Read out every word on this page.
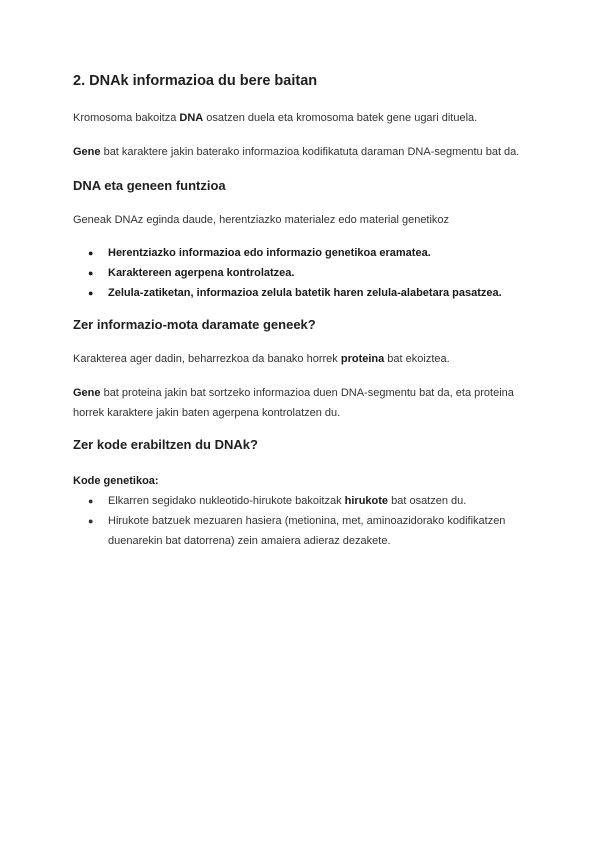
2. DNAk informazioa du bere baitan

Kromosoma bakoitza DNA osatzen duela eta kromosoma batek gene ugari dituela.

Gene bat karaktere jakin baterako informazioa kodifikatuta daraman DNA-segmentu bat da.

DNA eta geneen funtzioa

Geneak DNAz eginda daude, herentziazko materialez edo material genetikoz

● Herentziazko informazioa edo informazio genetikoa eramatea.
● Karaktereen agerpena kontrolatzea.
● Zelula-zatiketan, informazioa zelula batetik haren zelula-alabetara pasatzea.
Zer informazio-mota daramate geneek?

Karakterea ager dadin, beharrezkoa da banako horrek proteina bat ekoiztea.

Gene bat proteina jakin bat sortzeko informazioa duen DNA-segmentu bat da, eta proteina horrek karaktere jakin baten agerpena kontrolatzen du.

Zer kode erabiltzen du DNAk?

Kode genetikoa:

● Elkarren segidako nukleotido-hirukote bakoitzak hirukote bat osatzen du.
● Hirukote batzuek mezuaren hasiera (metionina, met, aminoazidorako kodifikatzen duenarekin bat datorrena) zein amaiera adieraz dezakete.
